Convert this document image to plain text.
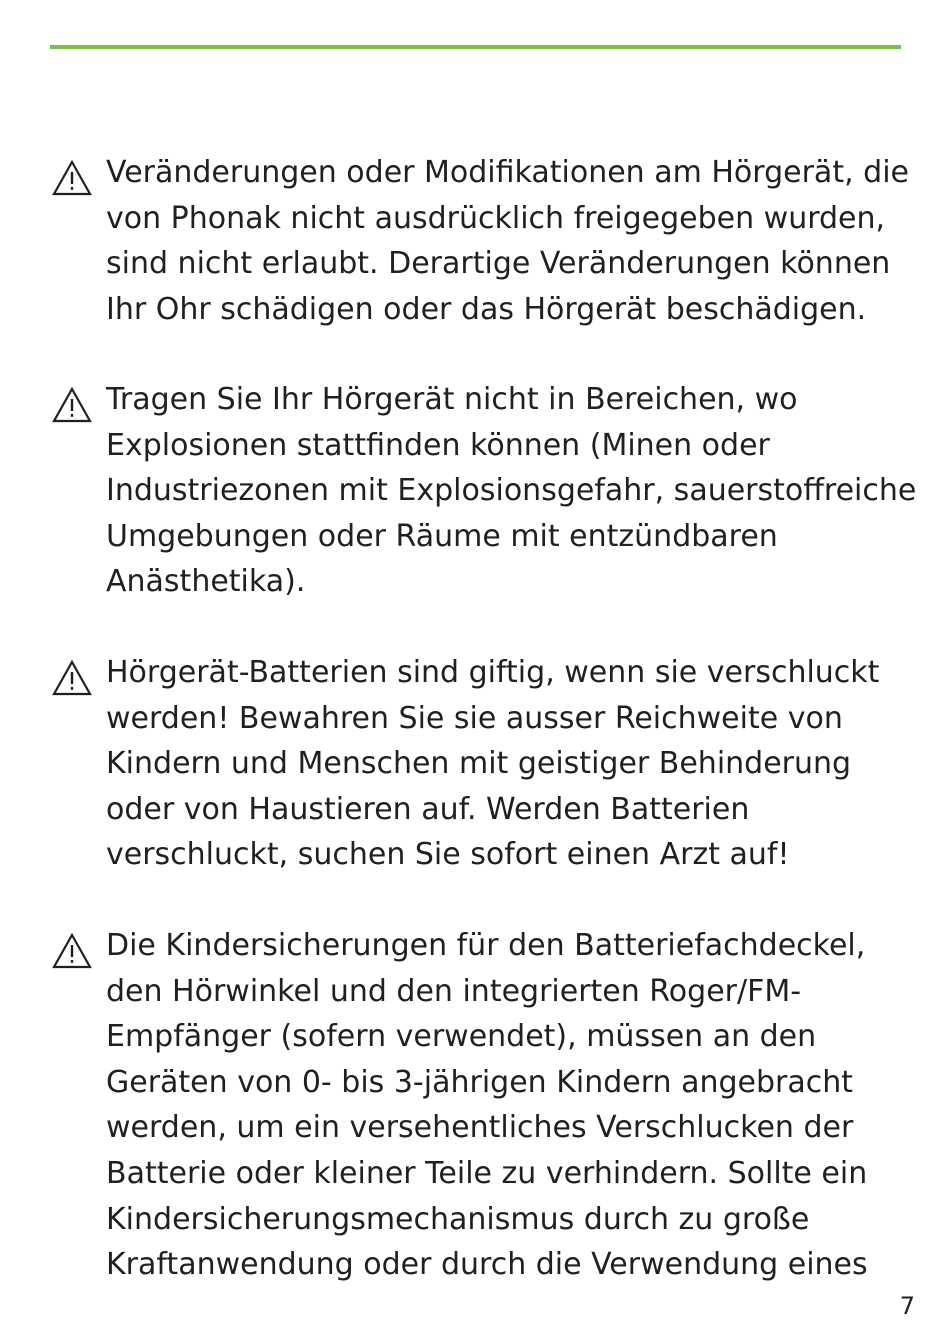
Veränderungen oder Modifikationen am Hörgerät, die
von Phonak nicht ausdrücklich freigegeben wurden,
sind nicht erlaubt. Derartige Veränderungen können
Ihr Ohr schädigen oder das Hörgerät beschädigen.
Tragen Sie Ihr Hörgerät nicht in Bereichen, wo
Explosionen stattfinden können (Minen oder
Industriezonen mit Explosionsgefahr, sauerstoffreiche
Umgebungen oder Räume mit entzündbaren
Anästhetika).
Hörgerät-Batterien sind giftig, wenn sie verschluckt
werden! Bewahren Sie sie ausser Reichweite von
Kindern und Menschen mit geistiger Behinderung
oder von Haustieren auf. Werden Batterien
verschluckt, suchen Sie sofort einen Arzt auf!
Die Kindersicherungen für den Batteriefachdeckel,
den Hörwinkel und den integrierten Roger/FM-
Empfänger (sofern verwendet), müssen an den
Geräten von 0- bis 3-jährigen Kindern angebracht
werden, um ein versehentliches Verschlucken der
Batterie oder kleiner Teile zu verhindern. Sollte ein
Kindersicherungsmechanismus durch zu große
Kraftanwendung oder durch die Verwendung eines
7
